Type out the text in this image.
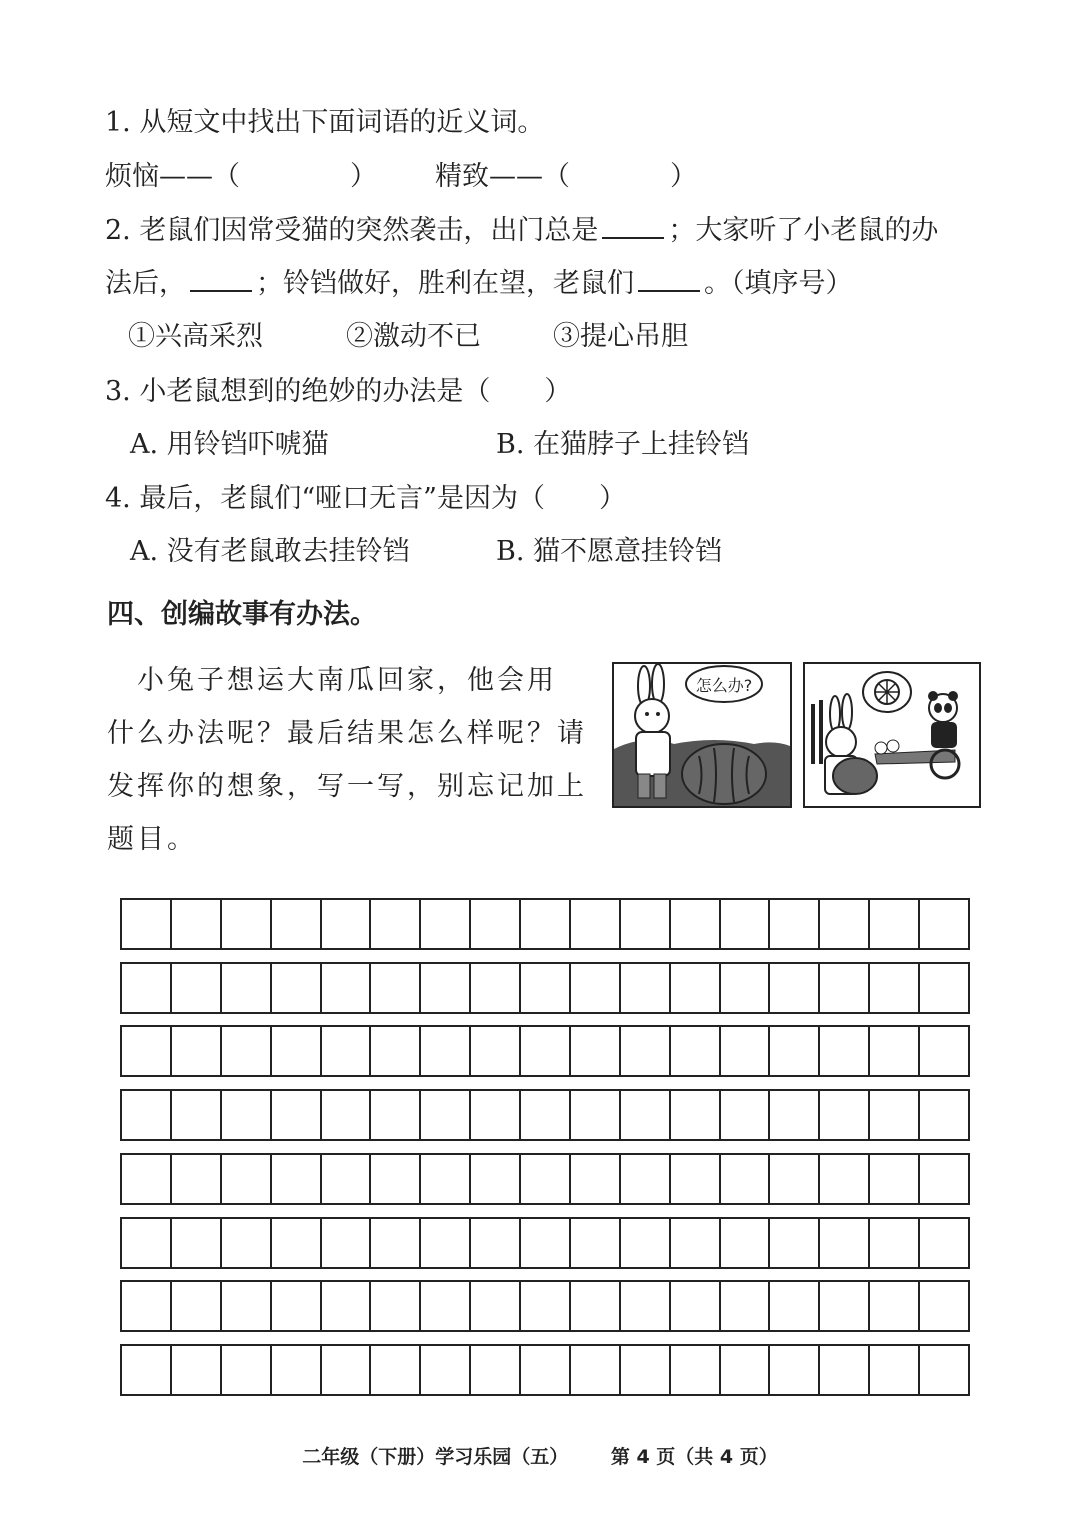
1. 从短文中找出下面词语的近义词。
烦恼——（	） 精致——（	）
2. 老鼠们因常受猫的突然袭击，出门总是	；大家听了小老鼠的办
法后，	；铃铛做好，胜利在望，老鼠们	。（填序号）
①兴高采烈	②激动不已	③提心吊胆
3. 小老鼠想到的绝妙的办法是（　　）
A. 用铃铛吓唬猫	B. 在猫脖子上挂铃铛
4. 最后，老鼠们“哑口无言”是因为（　　）
A. 没有老鼠敢去挂铃铛	B. 猫不愿意挂铃铛
四、创编故事有办法。
　小兔子想运大南瓜回家，他会用
什么办法呢？最后结果怎么样呢？请
发挥你的想象，写一写，别忘记加上
题目。
怎么办?
二年级（下册）学习乐园（五） 第 4 页（共 4 页）
